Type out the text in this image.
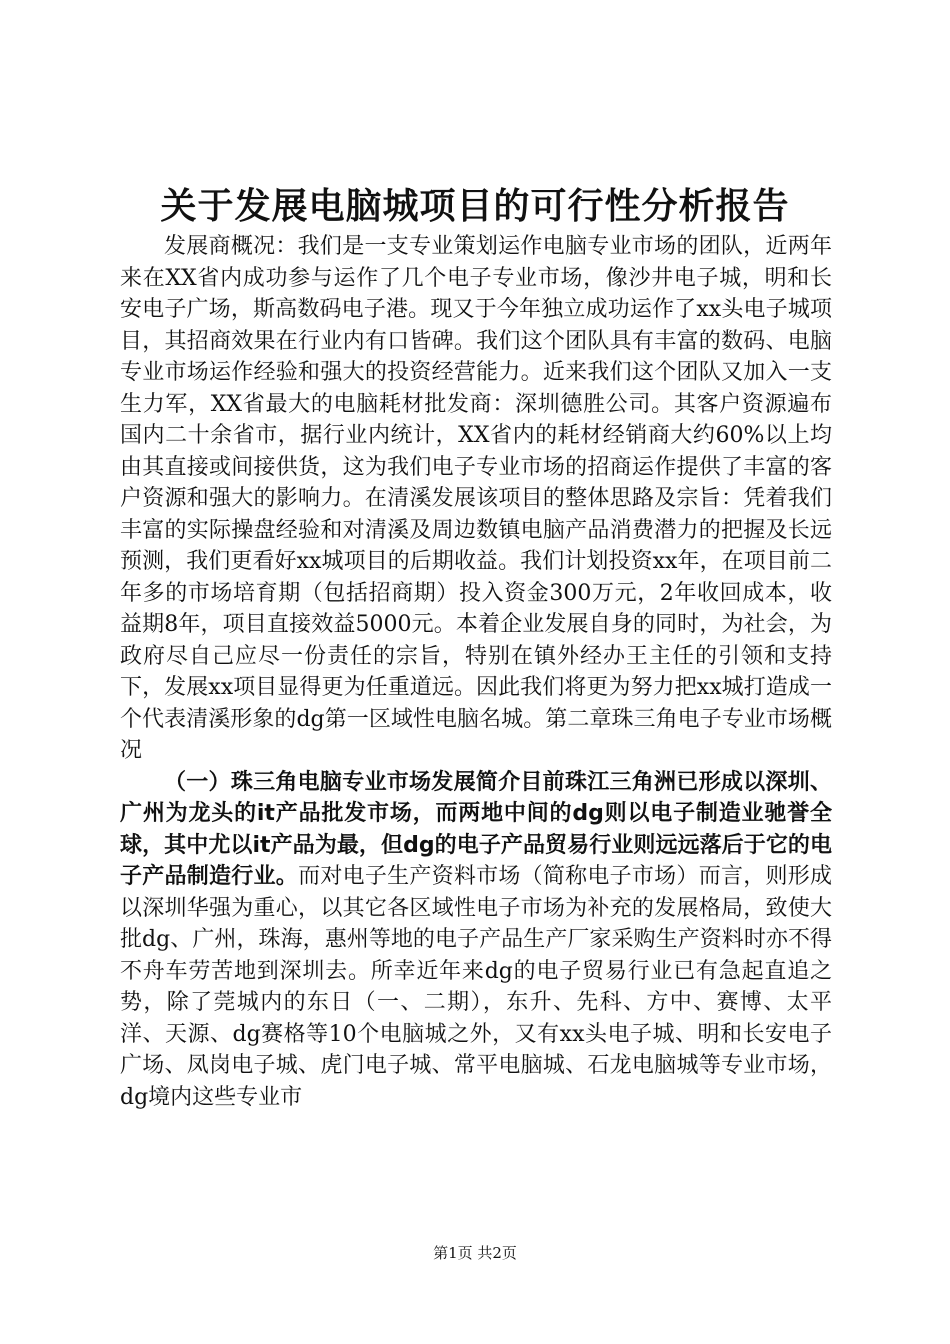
关于发展电脑城项目的可行性分析报告

发展商概况：我们是一支专业策划运作电脑专业市场的团队，近两年来在XX省内成功参与运作了几个电子专业市场，像沙井电子城，明和长安电子广场，斯高数码电子港。现又于今年独立成功运作了xx头电子城项目，其招商效果在行业内有口皆碑。我们这个团队具有丰富的数码、电脑专业市场运作经验和强大的投资经营能力。近来我们这个团队又加入一支生力军，XX省最大的电脑耗材批发商：深圳德胜公司。其客户资源遍布国内二十余省市，据行业内统计，XX省内的耗材经销商大约60%以上均由其直接或间接供货，这为我们电子专业市场的招商运作提供了丰富的客户资源和强大的影响力。在清溪发展该项目的整体思路及宗旨：凭着我们丰富的实际操盘经验和对清溪及周边数镇电脑产品消费潜力的把握及长远预测，我们更看好xx城项目的后期收益。我们计划投资xx年，在项目前二年多的市场培育期（包括招商期）投入资金300万元，2年收回成本，收益期8年，项目直接效益5000元。本着企业发展自身的同时，为社会，为政府尽自己应尽一份责任的宗旨，特别在镇外经办王主任的引领和支持下，发展xx项目显得更为任重道远。因此我们将更为努力把xx城打造成一个代表清溪形象的dg第一区域性电脑名城。第二章珠三角电子专业市场概况

（一）珠三角电脑专业市场发展简介目前珠江三角洲已形成以深圳、广州为龙头的it产品批发市场，而两地中间的dg则以电子制造业驰誉全球，其中尤以it产品为最，但dg的电子产品贸易行业则远远落后于它的电子产品制造行业。而对电子生产资料市场（简称电子市场）而言，则形成以深圳华强为重心，以其它各区域性电子市场为补充的发展格局，致使大批dg、广州，珠海，惠州等地的电子产品生产厂家采购生产资料时亦不得不舟车劳苦地到深圳去。所幸近年来dg的电子贸易行业已有急起直追之势，除了莞城内的东日（一、二期），东升、先科、方中、赛博、太平洋、天源、dg赛格等10个电脑城之外，又有xx头电子城、明和长安电子广场、凤岗电子城、虎门电子城、常平电脑城、石龙电脑城等专业市场，dg境内这些专业市

第1页 共2页
